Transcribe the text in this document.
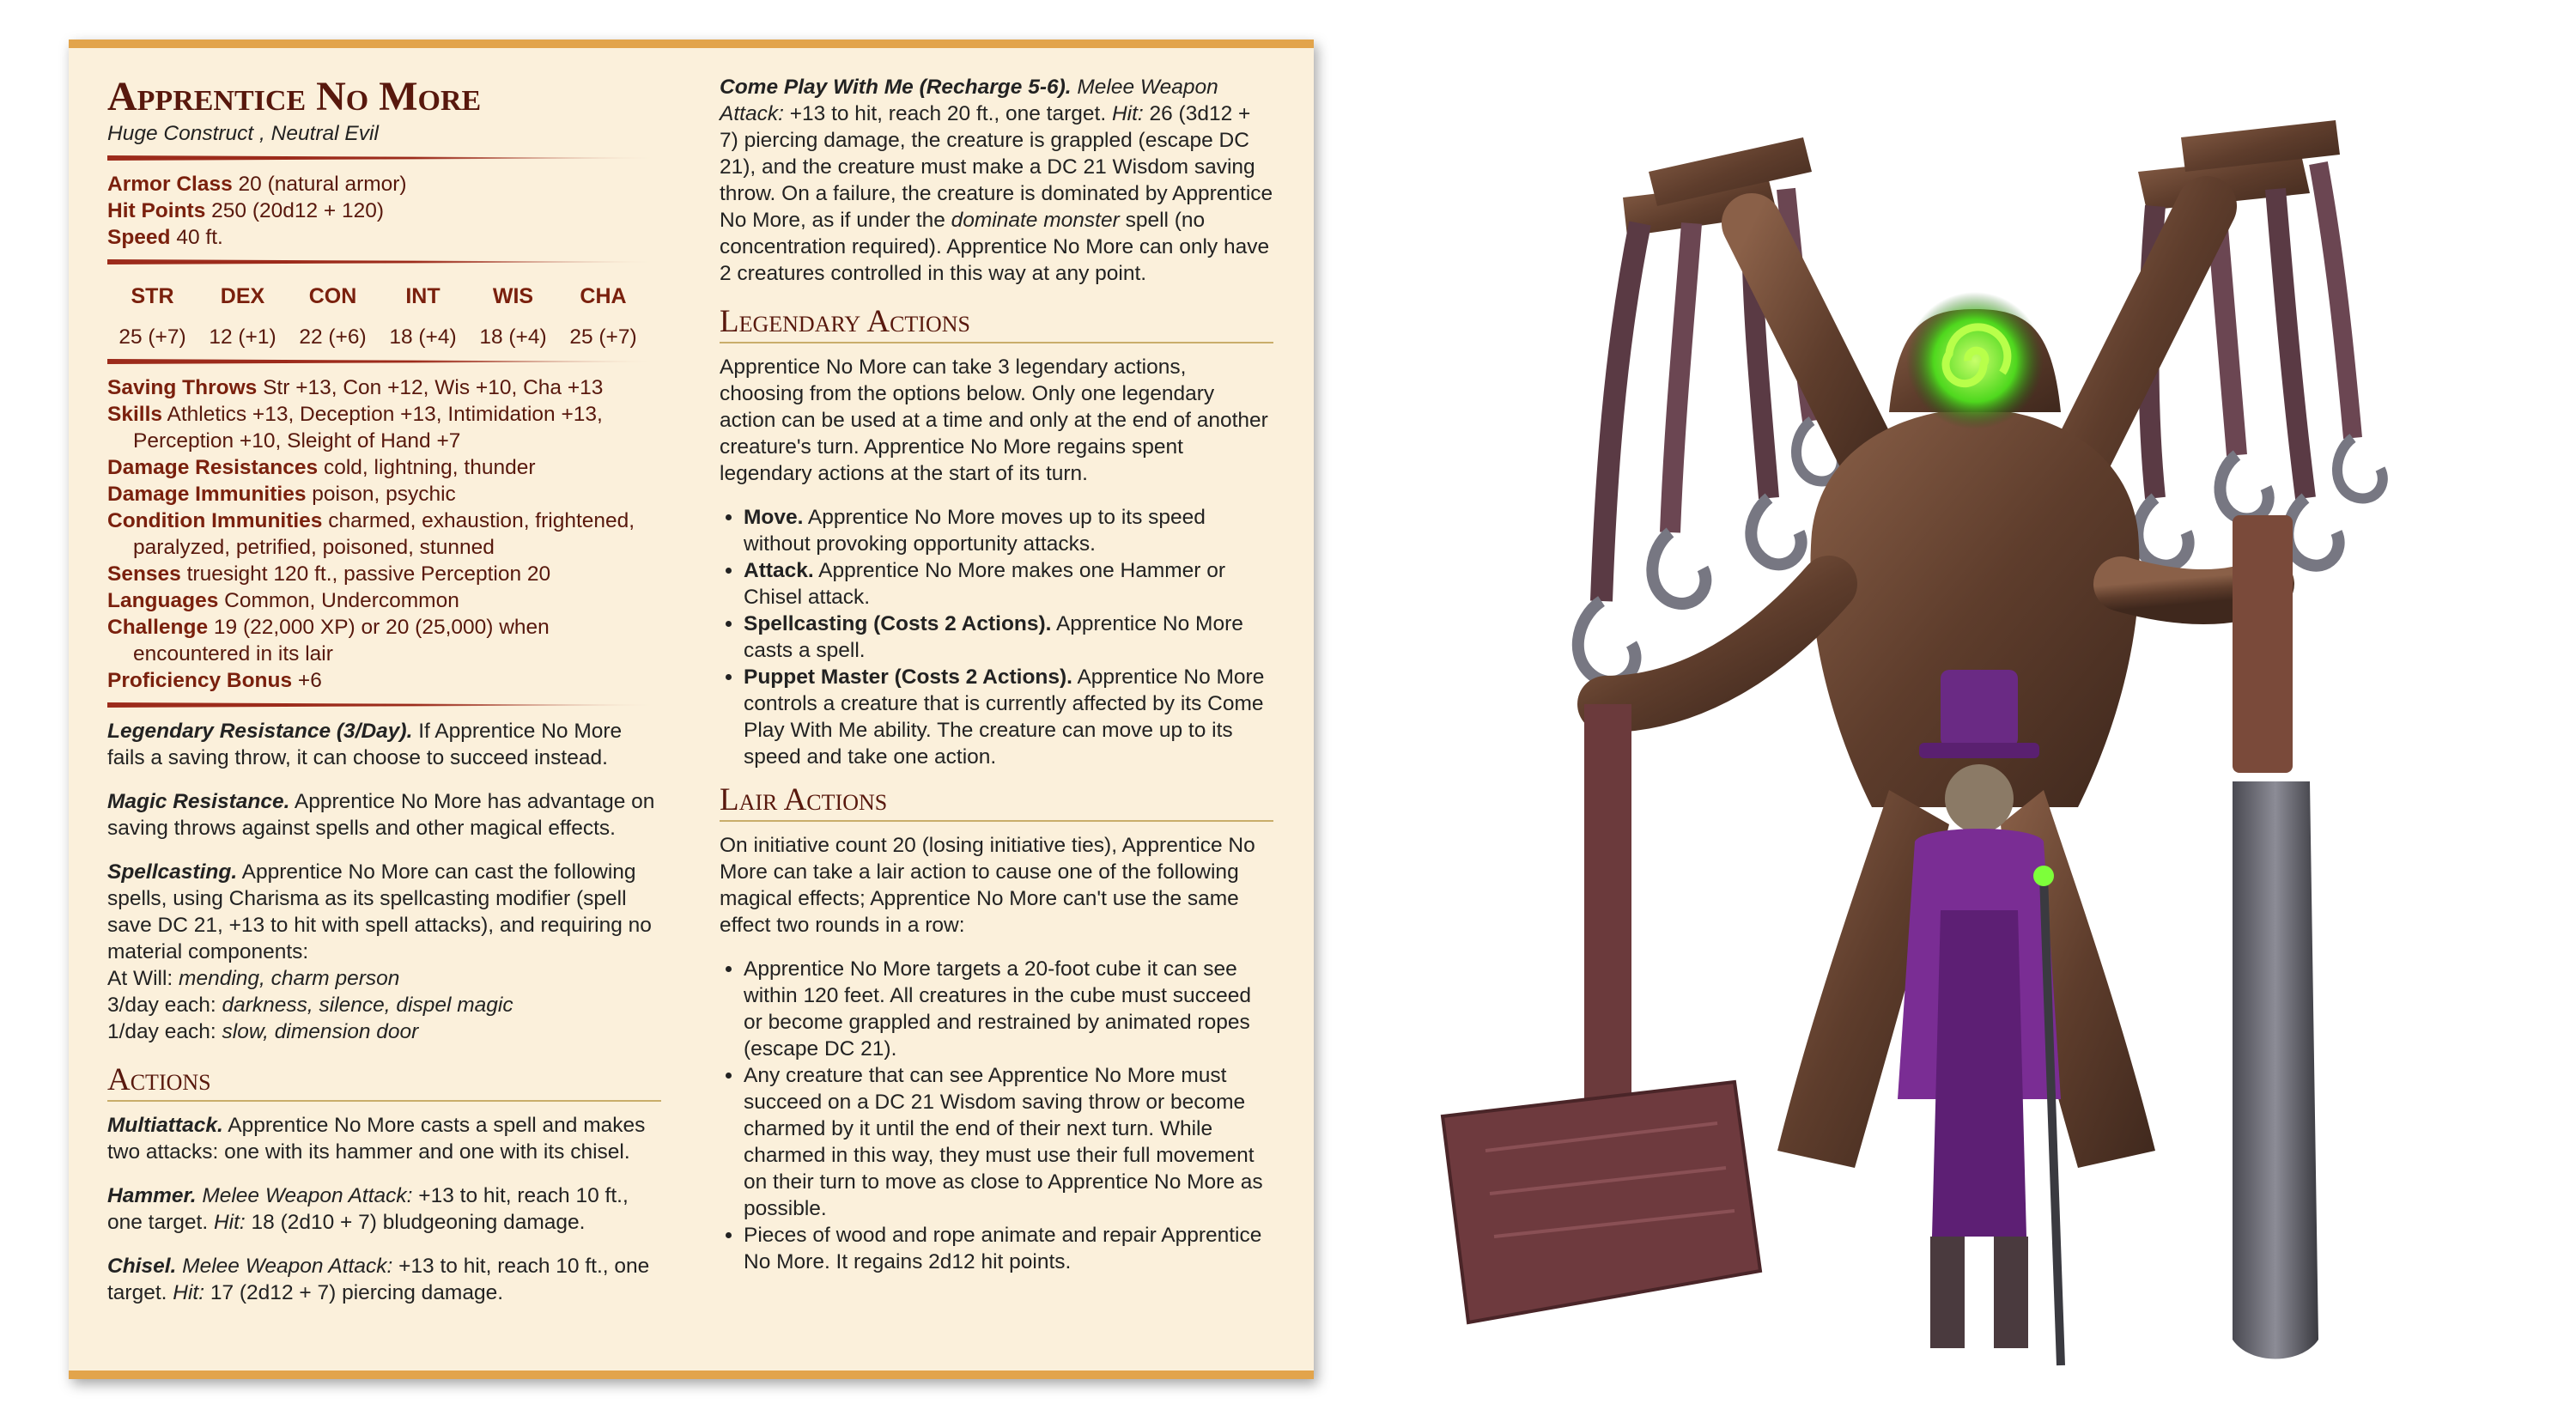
Apprentice No More
Huge Construct , Neutral Evil

Armor Class 20 (natural armor)

Hit Points 250 (20d12 + 120)

Speed 40 ft.

STR	DEX	CON	INT	WIS	CHA
25 (+7)	12 (+1)	22 (+6)	18 (+4)	18 (+4)	25 (+7)

Saving Throws Str +13, Con +12, Wis +10, Cha +13

Skills Athletics +13, Deception +13, Intimidation +13, Perception +10, Sleight of Hand +7

Damage Resistances cold, lightning, thunder

Damage Immunities poison, psychic

Condition Immunities charmed, exhaustion, frightened, paralyzed, petrified, poisoned, stunned

Senses truesight 120 ft., passive Perception 20

Languages Common, Undercommon

Challenge 19 (22,000 XP) or 20 (25,000) when encountered in its lair

Proficiency Bonus +6

Legendary Resistance (3/Day). If Apprentice No More fails a saving throw, it can choose to succeed instead.

Magic Resistance. Apprentice No More has advantage on saving throws against spells and other magical effects.

Spellcasting. Apprentice No More can cast the following spells, using Charisma as its spellcasting modifier (spell save DC 21, +13 to hit with spell attacks), and requiring no material components:
At Will: mending, charm person
3/day each: darkness, silence, dispel magic
1/day each: slow, dimension door

Actions

Multiattack. Apprentice No More casts a spell and makes two attacks: one with its hammer and one with its chisel.

Hammer. Melee Weapon Attack: +13 to hit, reach 10 ft., one target. Hit: 18 (2d10 + 7) bludgeoning damage.

Chisel. Melee Weapon Attack: +13 to hit, reach 10 ft., one target. Hit: 17 (2d12 + 7) piercing damage.

Come Play With Me (Recharge 5-6). Melee Weapon Attack: +13 to hit, reach 20 ft., one target. Hit: 26 (3d12 + 7) piercing damage, the creature is grappled (escape DC 21), and the creature must make a DC 21 Wisdom saving throw. On a failure, the creature is dominated by Apprentice No More, as if under the dominate monster spell (no concentration required). Apprentice No More can only have 2 creatures controlled in this way at any point.

Legendary Actions

Apprentice No More can take 3 legendary actions, choosing from the options below. Only one legendary action can be used at a time and only at the end of another creature's turn. Apprentice No More regains spent legendary actions at the start of its turn.

• Move. Apprentice No More moves up to its speed without provoking opportunity attacks.
• Attack. Apprentice No More makes one Hammer or Chisel attack.
• Spellcasting (Costs 2 Actions). Apprentice No More casts a spell.
• Puppet Master (Costs 2 Actions). Apprentice No More controls a creature that is currently affected by its Come Play With Me ability. The creature can move up to its speed and take one action.
Lair Actions

On initiative count 20 (losing initiative ties), Apprentice No More can take a lair action to cause one of the following magical effects; Apprentice No More can't use the same effect two rounds in a row:

• Apprentice No More targets a 20-foot cube it can see within 120 feet. All creatures in the cube must succeed or become grappled and restrained by animated ropes (escape DC 21).
• Any creature that can see Apprentice No More must succeed on a DC 21 Wisdom saving throw or become charmed by it until the end of their next turn. While charmed in this way, they must use their full movement on their turn to move as close to Apprentice No More as possible.
• Pieces of wood and rope animate and repair Apprentice No More. It regains 2d12 hit points.
